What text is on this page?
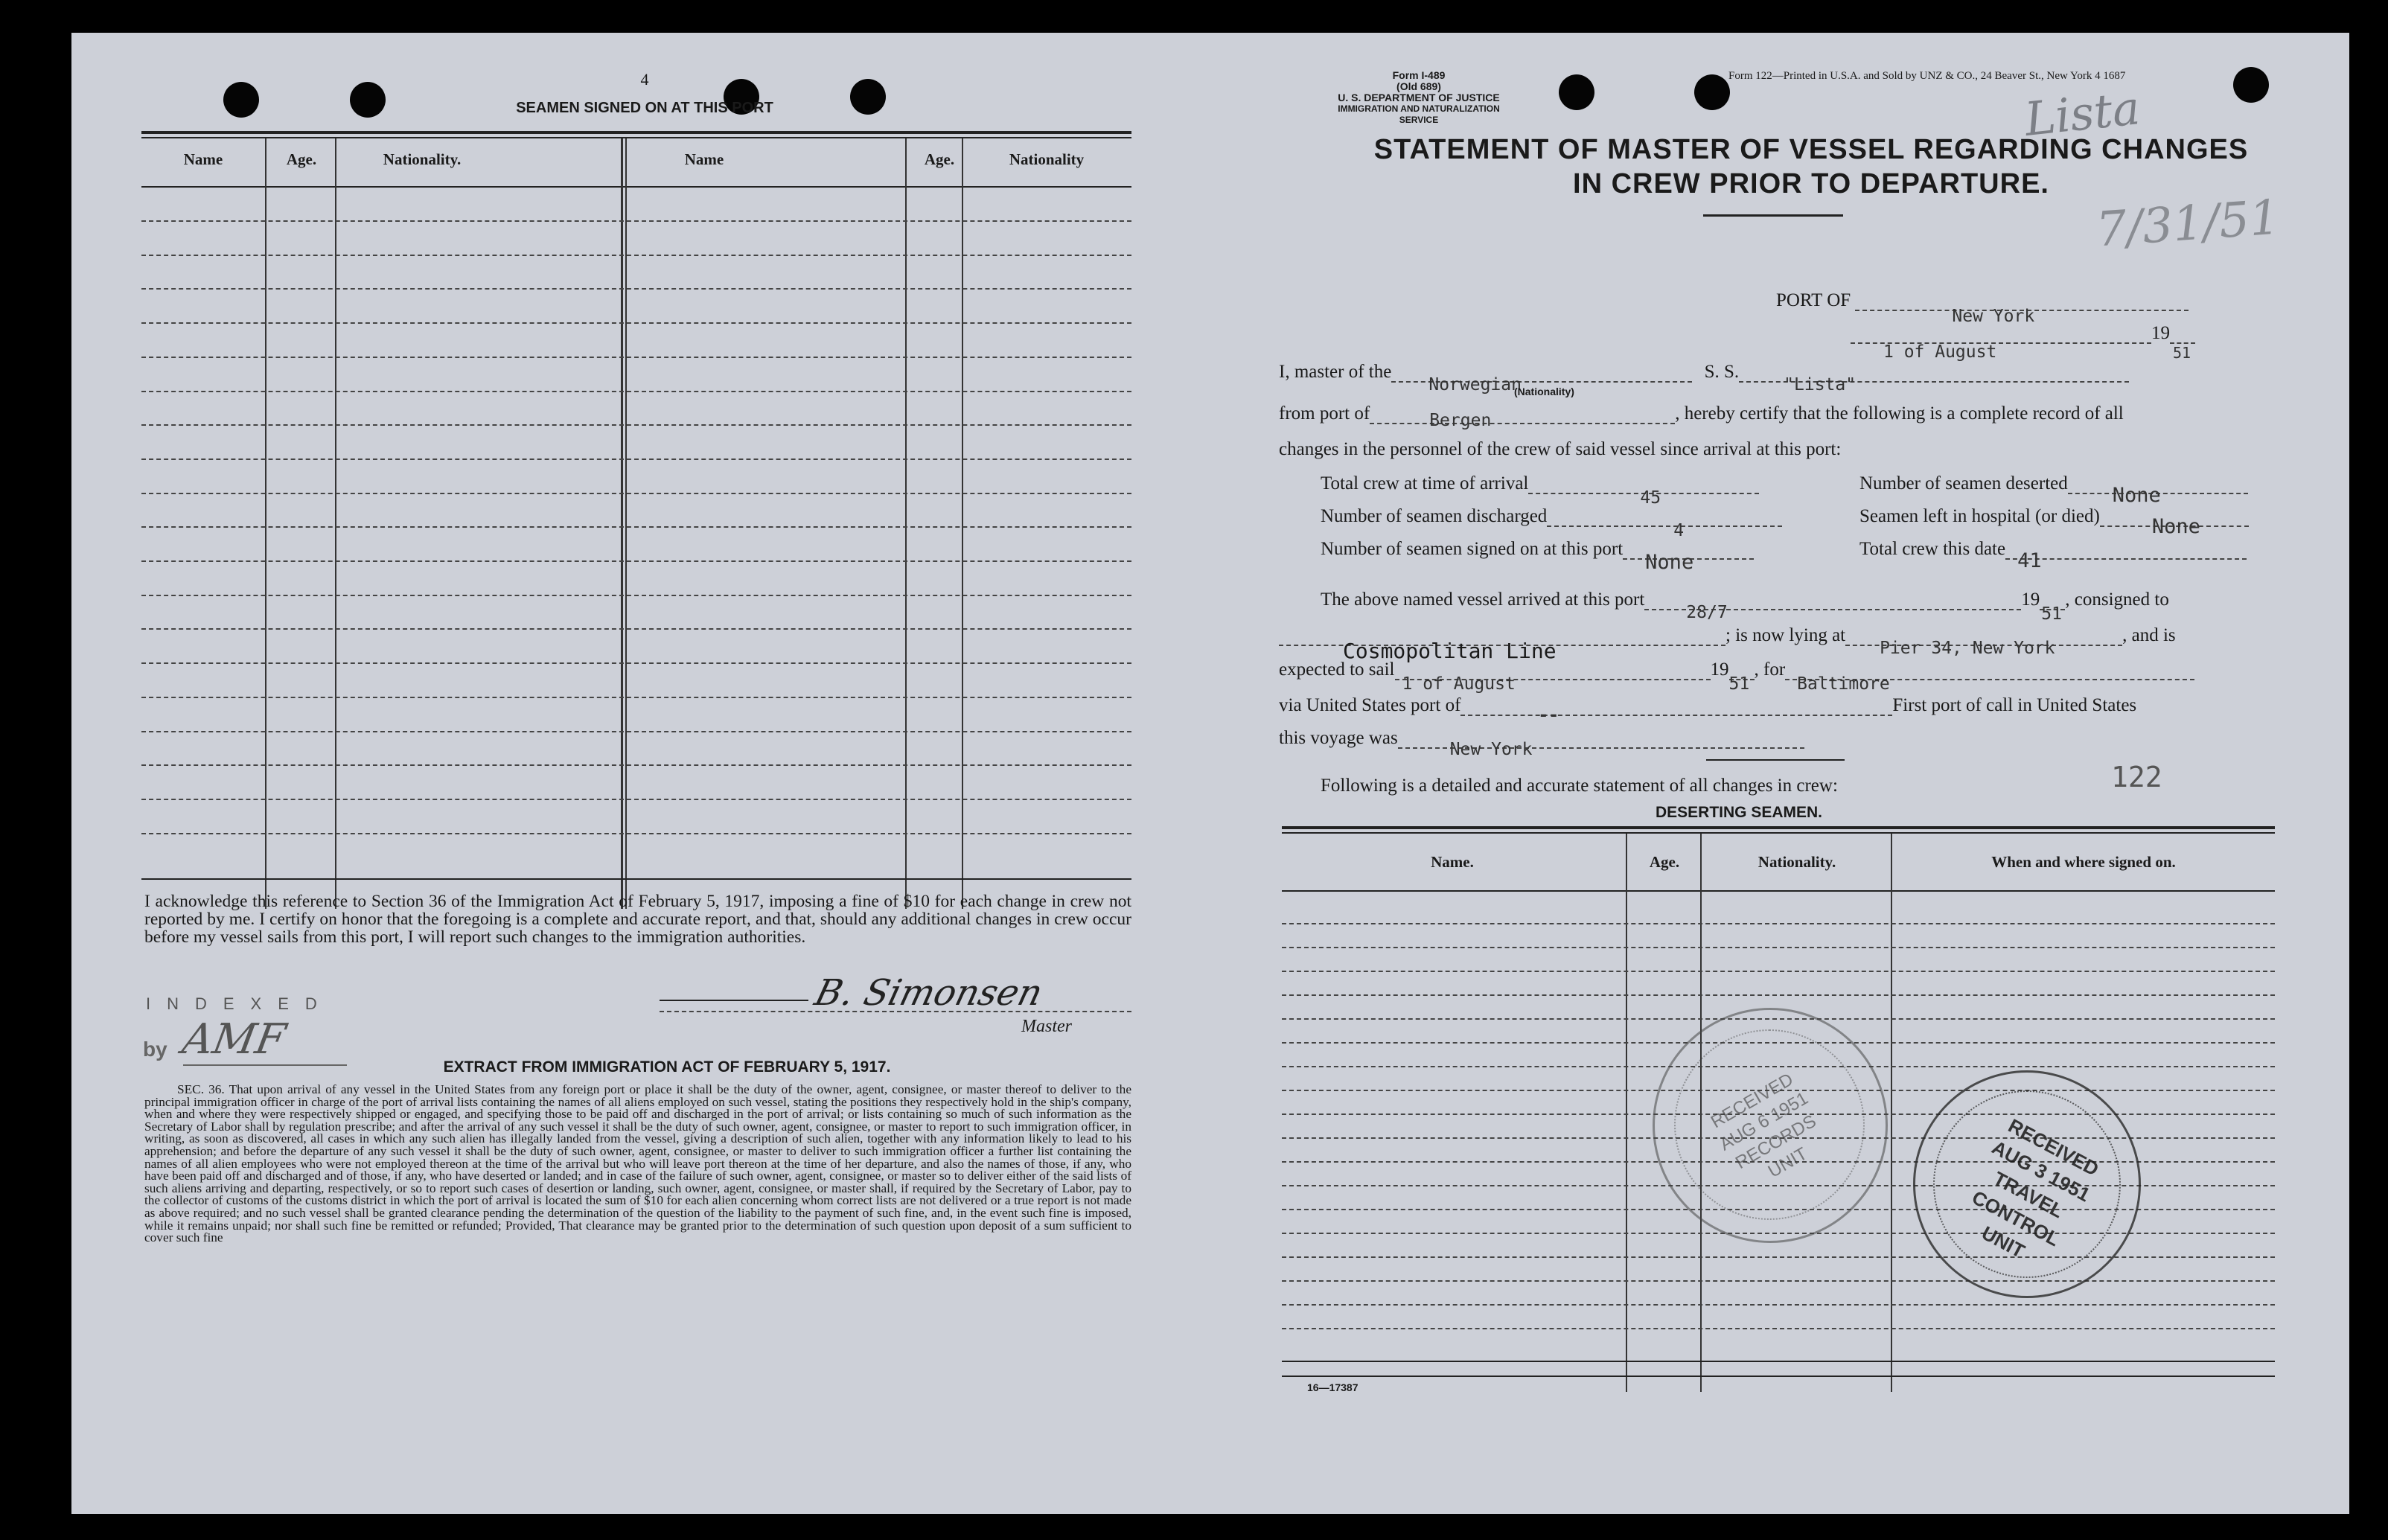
4
SEAMEN SIGNED ON AT THIS PORT
Name	Age.	Nationality.	Name	Age.	Nationality
I acknowledge this reference to Section 36 of the Immigration Act of February 5, 1917, imposing a fine of $10 for each change in crew not reported by me. I certify on honor that the foregoing is a complete and accurate report, and that, should any additional changes in crew occur before my vessel sails from this port, I will report such changes to the immigration authorities.
INDEXED
by AMF
B. Simonsen
Master
EXTRACT FROM IMMIGRATION ACT OF FEBRUARY 5, 1917.
SEC. 36. That upon arrival of any vessel in the United States from any foreign port or place it shall be the duty of the owner, agent, consignee, or master thereof to deliver to the principal immigration officer in charge of the port of arrival lists containing the names of all aliens employed on such vessel, stating the positions they respectively hold in the ship's company, when and where they were respectively shipped or engaged, and specifying those to be paid off and discharged in the port of arrival; or lists containing so much of such information as the Secretary of Labor shall by regulation prescribe; and after the arrival of any such vessel it shall be the duty of such owner, agent, consignee, or master to report to such immigration officer, in writing, as soon as discovered, all cases in which any such alien has illegally landed from the vessel, giving a description of such alien, together with any information likely to lead to his apprehension; and before the departure of any such vessel it shall be the duty of such owner, agent, consignee, or master to deliver to such immigration officer a further list containing the names of all alien employees who were not employed thereon at the time of the arrival but who will leave port thereon at the time of her departure, and also the names of those, if any, who have been paid off and discharged and of those, if any, who have deserted or landed; and in case of the failure of such owner, agent, consignee, or master so to deliver either of the said lists of such aliens arriving and departing, respectively, or so to report such cases of desertion or landing, such owner, agent, consignee, or master shall, if required by the Secretary of Labor, pay to the collector of customs of the customs district in which the port of arrival is located the sum of $10 for each alien concerning whom correct lists are not delivered or a true report is not made as above required; and no such vessel shall be granted clearance pending the determination of the question of the liability to the payment of such fine, and, in the event such fine is imposed, while it remains unpaid; nor shall such fine be remitted or refunded; Provided, That clearance may be granted prior to the determination of such question upon deposit of a sum sufficient to cover such fine
Form I-489
(Old 689)
U. S. DEPARTMENT OF JUSTICE
IMMIGRATION AND NATURALIZATION SERVICE
Form 122—Printed in U.S.A. and Sold by UNZ & CO., 24 Beaver St., New York 4 1687
Lista
7/31/51
STATEMENT OF MASTER OF VESSEL REGARDING CHANGES
IN CREW PRIOR TO DEPARTURE.
PORT OF
New York
1 of August
19
51
I, master of the
Norwegian
S. S.
"Lista"
(Nationality)
from port of	Bergen	, hereby certify that the following is a complete record of all
changes in the personnel of the crew of said vessel since arrival at this port:
Total crew at time of arrival
45
Number of seamen discharged
4
Number of seamen signed on at this port
None
Number of seamen deserted
None
Seamen left in hospital (or died)	None
Total crew this date
41
The above named vessel arrived at this port
28/7
19
51
, consigned to
Cosmopolitan Line
; is now lying at
Pier 34, New York
, and is
expected to sail
1 of August
19
51
, for
Baltimore
via United States port of	--	First port of call in United States
this voyage was
New York
Following is a detailed and accurate statement of all changes in crew:	122
DESERTING SEAMEN.
Name.	Age.	Nationality.	When and where signed on.
RECEIVED AUG 6 1951 RECORDS UNIT	RECEIVED AUG 3 1951 TRAVEL CONTROL UNIT
16—17387
